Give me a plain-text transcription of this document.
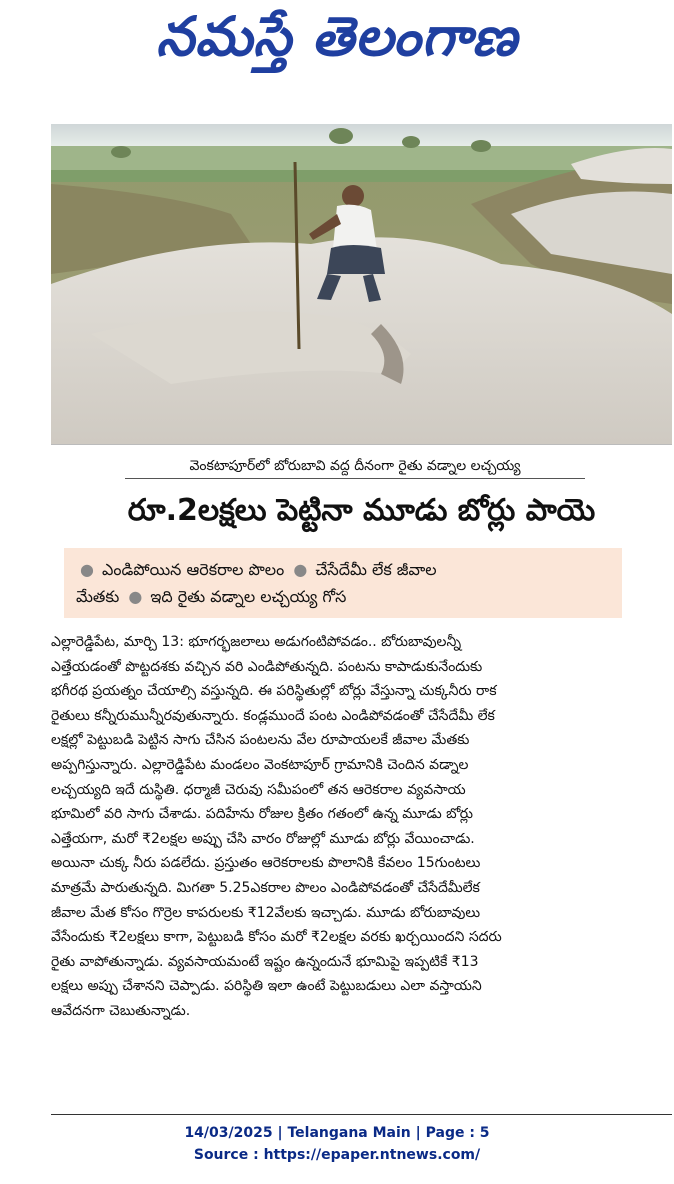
నమస్తే తెలంగాణ
వెంకటాపూర్‌లో బోరుబావి వద్ద దీనంగా రైతు వడ్నాల లచ్చయ్య
రూ.2లక్షలు పెట్టినా మూడు బోర్లు పాయె
● ఎండిపోయిన ఆరెకరాల పొలం ● చేసేదేమీ లేక జీవాల
మేతకు ● ఇది రైతు వడ్నాల లచ్చయ్య గోస
ఎల్లారెడ్డిపేట, మార్చి 13: భూగర్భజలాలు అడుగంటిపోవడం.. బోరుబావులన్నీ
ఎత్తేయడంతో పొట్టదశకు వచ్చిన వరి ఎండిపోతున్నది. పంటను కాపాడుకునేందుకు
భగీరథ ప్రయత్నం చేయాల్సి వస్తున్నది. ఈ పరిస్థితుల్లో బోర్లు వేస్తున్నా చుక్కనీరు రాక
రైతులు కన్నీరుమున్నీరవుతున్నారు. కండ్లముందే పంట ఎండిపోవడంతో చేసేదేమీ లేక
లక్షల్లో పెట్టుబడి పెట్టిన సాగు చేసిన పంటలను వేల రూపాయలకే జీవాల మేతకు
అప్పగిస్తున్నారు. ఎల్లారెడ్డిపేట మండలం వెంకటాపూర్ గ్రామానికి చెందిన వడ్నాల
లచ్చయ్యది ఇదే దుస్థితి. ధర్మాజీ చెరువు సమీపంలో తన ఆరెకరాల వ్యవసాయ
భూమిలో వరి సాగు చేశాడు. పదిహేను రోజుల క్రితం గతంలో ఉన్న మూడు బోర్లు
ఎత్తేయగా, మరో ₹2లక్షల అప్పు చేసి వారం రోజుల్లో మూడు బోర్లు వేయించాడు.
అయినా చుక్క నీరు పడలేదు. ప్రస్తుతం ఆరెకరాలకు పొలానికి కేవలం 15గుంటలు
మాత్రమే పారుతున్నది. మిగతా 5.25ఎకరాల పొలం ఎండిపోవడంతో చేసేదేమీలేక
జీవాల మేత కోసం గొర్రెల కాపరులకు ₹12వేలకు ఇచ్చాడు. మూడు బోరుబావులు
వేసేందుకు ₹2లక్షలు కాగా, పెట్టుబడి కోసం మరో ₹2లక్షల వరకు ఖర్చయిందని సదరు
రైతు వాపోతున్నాడు. వ్యవసాయమంటే ఇష్టం ఉన్నందునే భూమిపై ఇప్పటికే ₹13
లక్షలు అప్పు చేశానని చెప్పాడు. పరిస్థితి ఇలా ఉంటే పెట్టుబడులు ఎలా వస్తాయని
ఆవేదనగా చెబుతున్నాడు.
14/03/2025 | Telangana Main | Page : 5
Source : https://epaper.ntnews.com/
